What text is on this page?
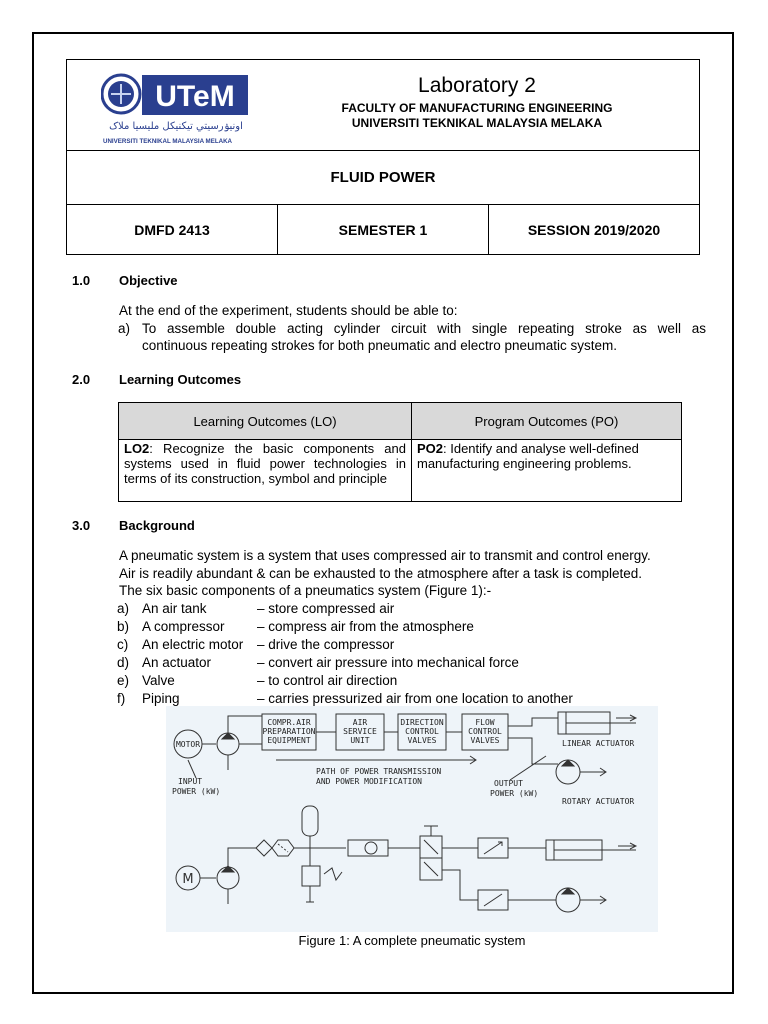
UTeM
اونيۏرسيتي تيکنيکل مليسيا ملاک
UNIVERSITI TEKNIKAL MALAYSIA MELAKA
Laboratory 2
FACULTY OF MANUFACTURING ENGINEERING
UNIVERSITI TEKNIKAL MALAYSIA MELAKA
FLUID POWER
DMFD 2413	SEMESTER 1	SESSION 2019/2020
1.0 Objective
At the end of the experiment, students should be able to:
a) To assemble double acting cylinder circuit with single repeating stroke as well as
continuous repeating strokes for both pneumatic and electro pneumatic system.
2.0 Learning Outcomes
Learning Outcomes (LO)	Program Outcomes (PO)
LO2: Recognize the basic components and systems used in fluid power technologies in terms of its construction, symbol and principle	PO2: Identify and analyse well-defined manufacturing engineering problems.
3.0 Background
A pneumatic system is a system that uses compressed air to transmit and control energy.
Air is readily abundant & can be exhausted to the atmosphere after a task is completed.
The six basic components of a pneumatics system (Figure 1):-
a) An air tank	– store compressed air
b) A compressor	– compress air from the atmosphere
c)	An electric motor	– drive the compressor
d) An actuator	– convert air pressure into mechanical force
e) Valve	– to control air direction
f)	Piping	– carries pressurized air from one location to another
MOTOR
INPUT
POWER (kW)
COMPR.AIR
PREPARATION
EQUIPMENT
AIR
SERVICE
UNIT
DIRECTION
CONTROL
VALVES
FLOW
CONTROL
VALVES	LINEAR ACTUATOR
ROTARY ACTUATOR
OUTPUT
POWER (kW)
PATH OF POWER TRANSMISSION
AND POWER MODIFICATION
M
Figure 1: A complete pneumatic system
